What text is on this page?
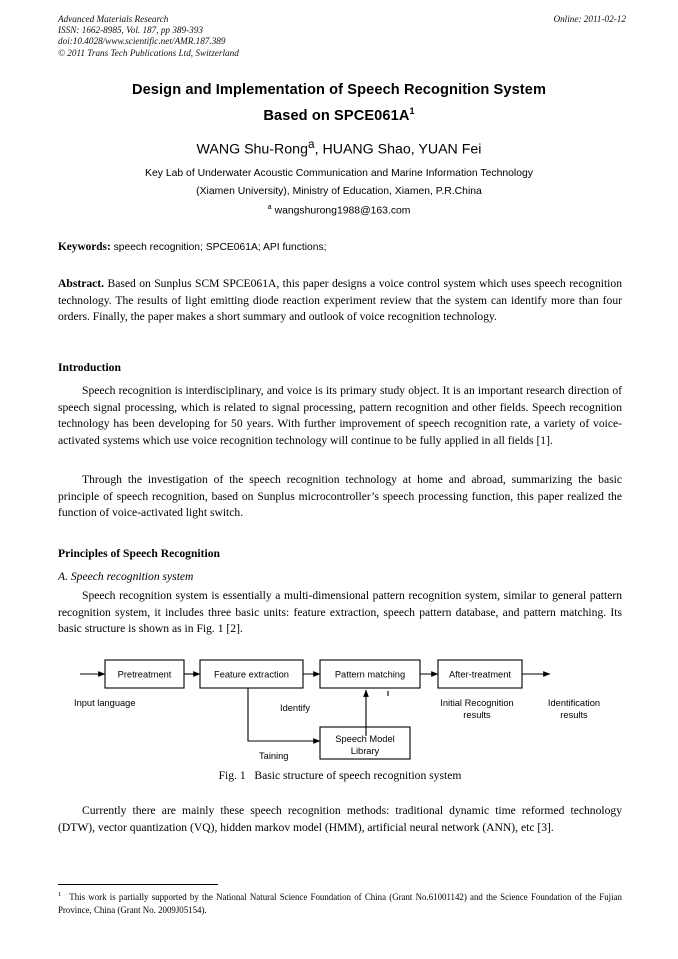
Online: 2011-02-12
Advanced Materials Research
ISSN: 1662-8985, Vol. 187, pp 389-393
doi:10.4028/www.scientific.net/AMR.187.389
© 2011 Trans Tech Publications Ltd, Switzerland
Design and Implementation of Speech Recognition System
Based on SPCE061A$^1$
WANG Shu-Rong$^a$, HUANG Shao, YUAN Fei
Key Lab of Underwater Acoustic Communication and Marine Information Technology
(Xiamen University), Ministry of Education, Xiamen, P.R.China
$^a$ wangshurong1988@163.com
Keywords: speech recognition; SPCE061A; API functions;
Abstract. Based on Sunplus SCM SPCE061A, this paper designs a voice control system which uses speech recognition technology. The results of light emitting diode reaction experiment review that the system can identify more than four orders. Finally, the paper makes a short summary and outlook of voice recognition technology.
Introduction
Speech recognition is interdisciplinary, and voice is its primary study object. It is an important research direction of speech signal processing, which is related to signal processing, pattern recognition and other fields. Speech recognition technology has been developing for 50 years. With further improvement of speech recognition rate, a variety of voice-activated systems which use voice recognition technology will continue to be fully applied in all fields [1].
Through the investigation of the speech recognition technology at home and abroad, summarizing the basic principle of speech recognition, based on Sunplus microcontroller’s speech processing function, this paper realized the function of voice-activated light switch.
Principles of Speech Recognition
A. Speech recognition system
Speech recognition system is essentially a multi-dimensional pattern recognition system, similar to general pattern recognition system, it includes three basic units: feature extraction, speech pattern database, and pattern matching. Its basic structure is shown as in Fig. 1 [2].
Pretreatment	Feature extraction	Pattern matching	After-treatment
Speech Model
Library
Input language	Identify
Taining
Initial Recognition
results
Identification
results
Fig. 1 Basic structure of speech recognition system
Currently there are mainly these speech recognition methods: traditional dynamic time reformed technology (DTW), vector quantization (VQ), hidden markov model (HMM), artificial neural network (ANN), etc [3].
$^1$ This work is partially supported by the National Natural Science Foundation of China (Grant No.61001142) and the Science Foundation of the Fujian Province, China (Grant No. 2009J05154).
